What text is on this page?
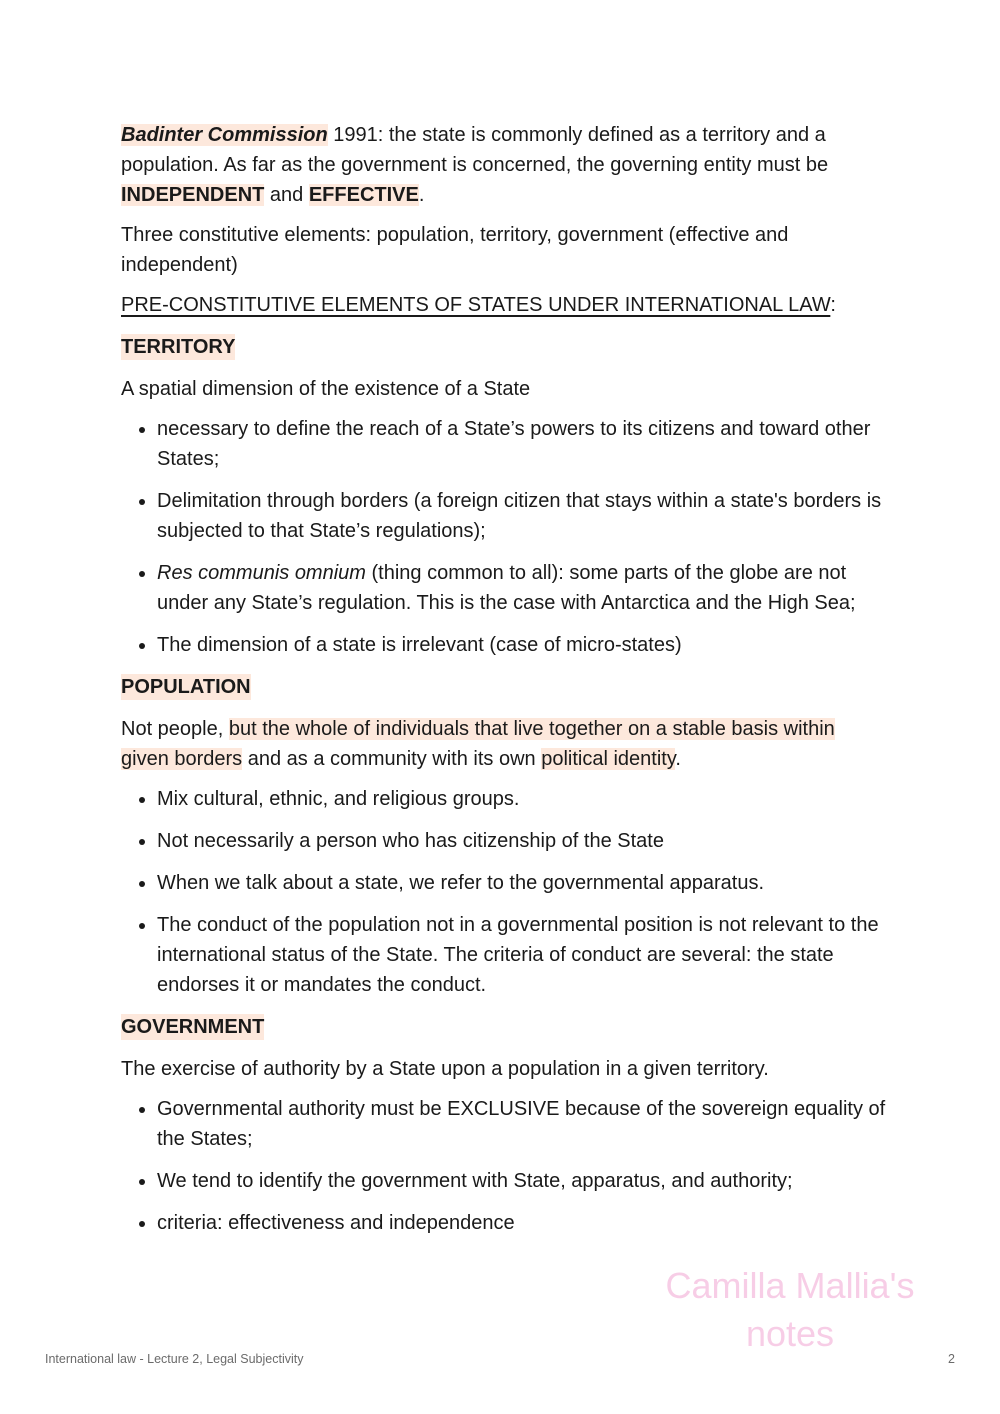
Badinter Commission 1991: the state is commonly defined as a territory and a population. As far as the government is concerned, the governing entity must be INDEPENDENT and EFFECTIVE.

Three constitutive elements: population, territory, government (effective and independent)

PRE-CONSTITUTIVE ELEMENTS OF STATES UNDER INTERNATIONAL LAW:

TERRITORY

A spatial dimension of the existence of a State

• necessary to define the reach of a State’s powers to its citizens and toward other States;
• Delimitation through borders (a foreign citizen that stays within a state's borders is subjected to that State’s regulations);
• Res communis omnium (thing common to all): some parts of the globe are not under any State’s regulation. This is the case with Antarctica and the High Sea;
• The dimension of a state is irrelevant (case of micro-states)

POPULATION

Not people, but the whole of individuals that live together on a stable basis within given borders and as a community with its own political identity.

• Mix cultural, ethnic, and religious groups.
• Not necessarily a person who has citizenship of the State
• When we talk about a state, we refer to the governmental apparatus.
• The conduct of the population not in a governmental position is not relevant to the international status of the State. The criteria of conduct are several: the state endorses it or mandates the conduct.

GOVERNMENT

The exercise of authority by a State upon a population in a given territory.

• Governmental authority must be EXCLUSIVE because of the sovereign equality of the States;
• We tend to identify the government with State, apparatus, and authority;
• criteria: effectiveness and independence
Camilla Mallia's
notes
International law - Lecture 2, Legal Subjectivity	2
